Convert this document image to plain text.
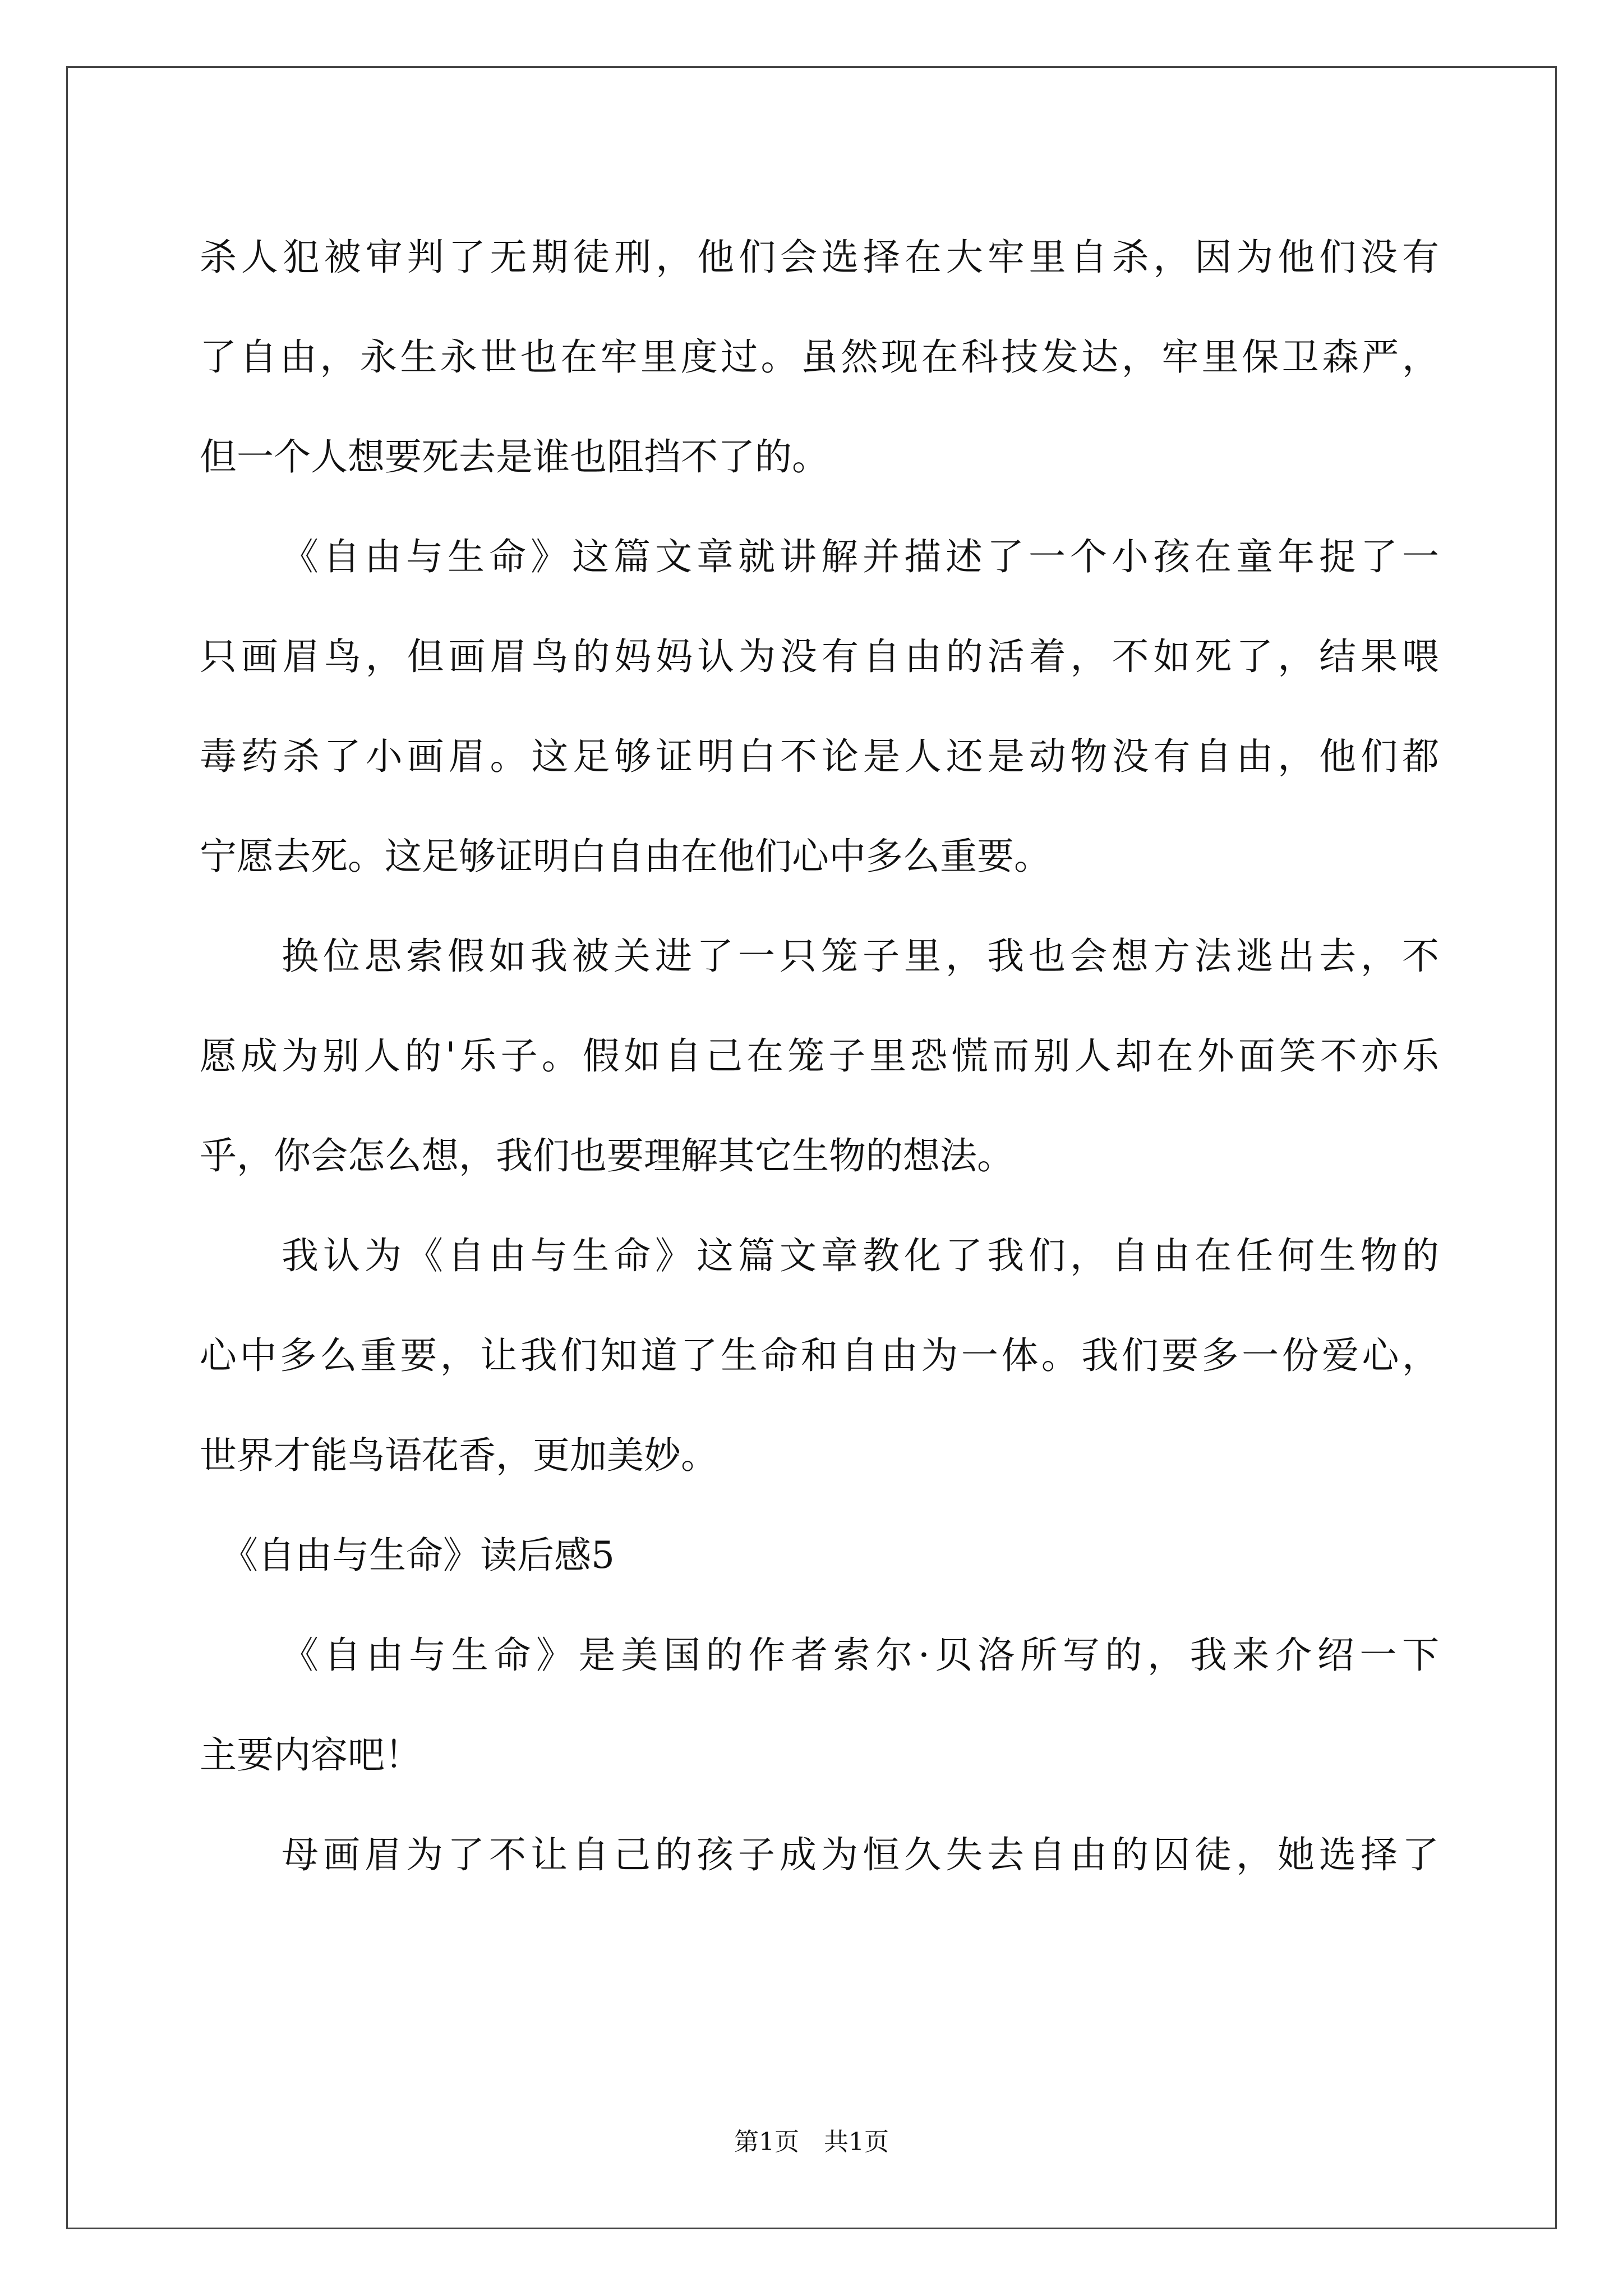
杀人犯被审判了无期徒刑，他们会选择在大牢里自杀，因为他们没有
了自由，永生永世也在牢里度过。虽然现在科技发达，牢里保卫森严，
但一个人想要死去是谁也阻挡不了的。
《自由与生命》这篇文章就讲解并描述了一个小孩在童年捉了一
只画眉鸟，但画眉鸟的妈妈认为没有自由的活着，不如死了，结果喂
毒药杀了小画眉。这足够证明白不论是人还是动物没有自由，他们都
宁愿去死。这足够证明白自由在他们心中多么重要。
换位思索假如我被关进了一只笼子里，我也会想方法逃出去，不
愿成为别人的'乐子。假如自己在笼子里恐慌而别人却在外面笑不亦乐
乎，你会怎么想，我们也要理解其它生物的想法。
我认为《自由与生命》这篇文章教化了我们，自由在任何生物的
心中多么重要，让我们知道了生命和自由为一体。我们要多一份爱心，
世界才能鸟语花香，更加美妙。
《自由与生命》读后感5
《自由与生命》是美国的作者索尔·贝洛所写的，我来介绍一下
主要内容吧！
母画眉为了不让自己的孩子成为恒久失去自由的囚徒，她选择了
第1页　共1页
